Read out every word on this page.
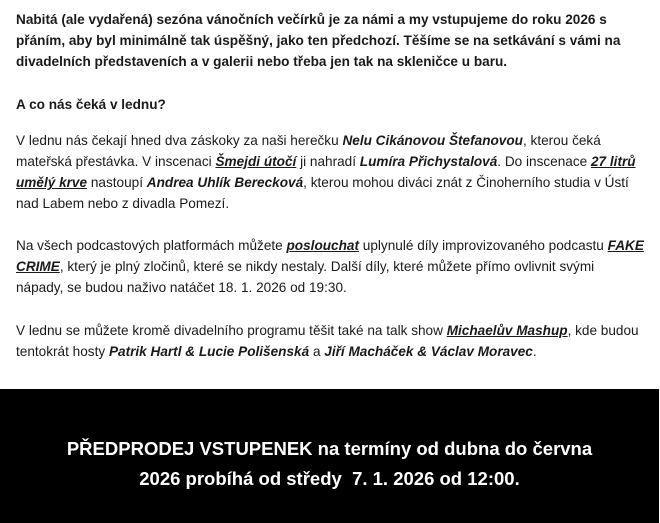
Nabitá (ale vydařená) sezóna vánočních večírků je za námi a my vstupujeme do roku 2026 s přáním, aby byl minimálně tak úspěšný, jako ten předchozí. Těšíme se na setkávání s vámi na divadelních představeních a v galerii nebo třeba jen tak na skleničce u baru.

A co nás čeká v lednu?

V lednu nás čekají hned dva záskoky za naši herečku Nelu Cikánovou Štefanovou, kterou čeká mateřská přestávka. V inscenaci Šmejdi útočí ji nahradí Lumíra Přichystalová. Do inscenace 27 litrů umělý krve nastoupí Andrea Uhlík Berecková, kterou mohou diváci znát z Činoherního studia v Ústí nad Labem nebo z divadla Pomezí.

Na všech podcastových platformách můžete poslouchat uplynulé díly improvizovaného podcastu FAKE CRIME, který je plný zločinů, které se nikdy nestaly. Další díly, které můžete přímo ovlivnit svými nápady, se budou naživo natáčet 18. 1. 2026 od 19:30.

V lednu se můžete kromě divadelního programu těšit také na talk show Michaelův Mashup, kde budou tentokrát hosty Patrik Hartl & Lucie Polišenská a Jiří Macháček & Václav Moravec.

PŘEDPRODEJ VSTUPENEK na termíny od dubna do června
2026 probíhá od středy  7. 1. 2026 od 12:00.
